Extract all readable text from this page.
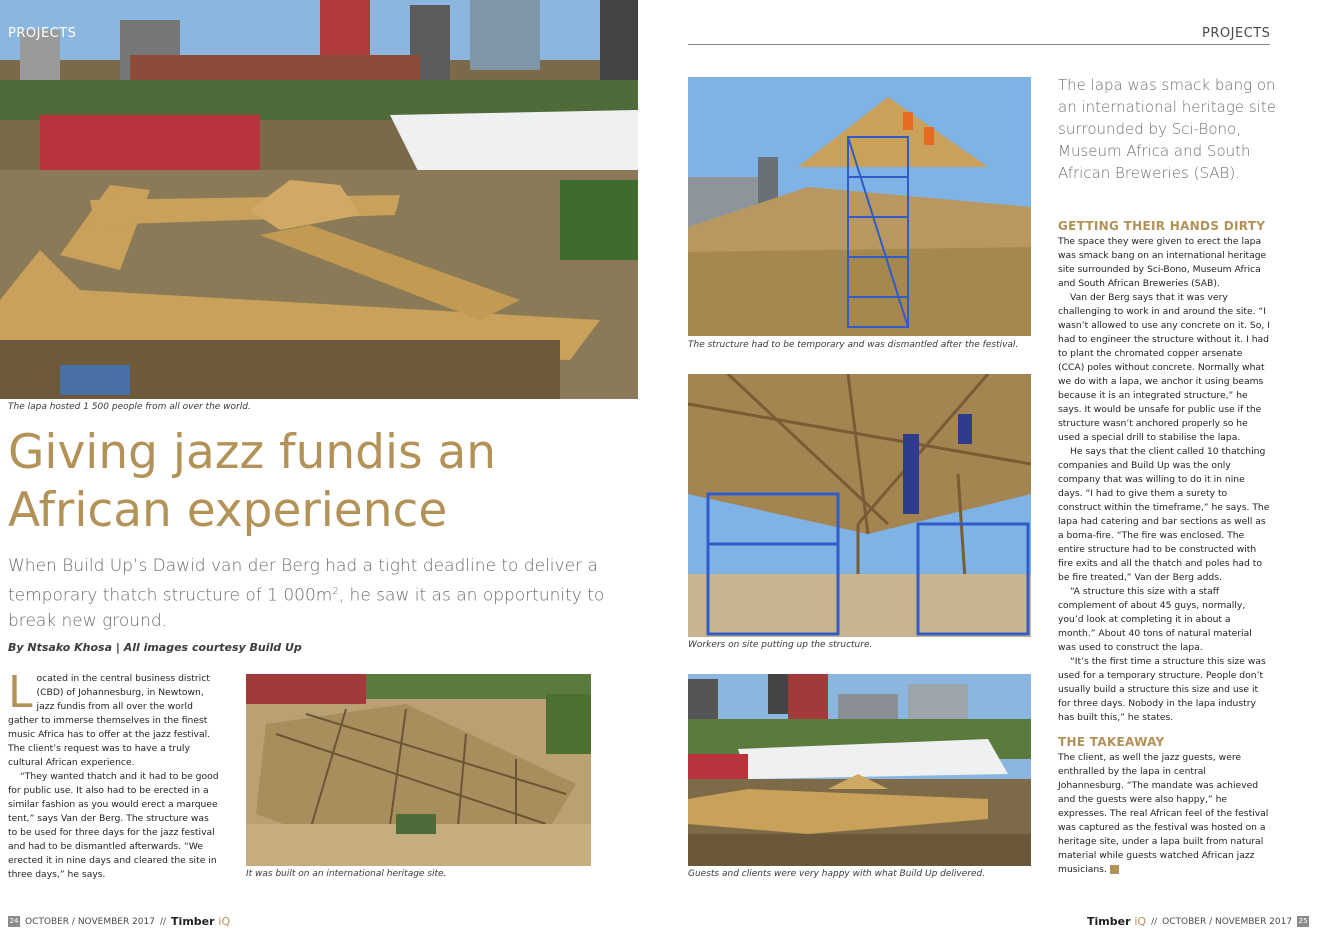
PROJECTS
The lapa hosted 1 500 people from all over the world.
Giving jazz fundis an
African experience
When Build Up’s Dawid van der Berg had a tight deadline to deliver a temporary thatch structure of 1 $000m^2$, he saw it as an opportunity to break new ground.
By Ntsako Khosa | All images courtesy Build Up
L ocated in the central business district (CBD) of Johannesburg, in Newtown, jazz fundis from all over the world gather to immerse themselves in the finest music Africa has to offer at the jazz festival. The client’s request was to have a truly cultural African experience.

“They wanted thatch and it had to be good for public use. It also had to be erected in a similar fashion as you would erect a marquee tent,” says Van der Berg. The structure was to be used for three days for the jazz festival and had to be dismantled afterwards. “We erected it in nine days and cleared the site in three days,” he says.	It was built on an international heritage site.
PROJECTS
The structure had to be temporary and was dismantled after the festival.
Workers on site putting up the structure.
Guests and clients were very happy with what Build Up delivered.
The lapa was smack bang on an international heritage site surrounded by Sci-Bono, Museum Africa and South African Breweries (SAB).
GETTING THEIR HANDS DIRTY

The space they were given to erect the lapa was smack bang on an international heritage site surrounded by Sci-Bono, Museum Africa and South African Breweries (SAB).

Van der Berg says that it was very challenging to work in and around the site. “I wasn’t allowed to use any concrete on it. So, I had to engineer the structure without it. I had to plant the chromated copper arsenate (CCA) poles without concrete. Normally what we do with a lapa, we anchor it using beams because it is an integrated structure,” he says. It would be unsafe for public use if the structure wasn’t anchored properly so he used a special drill to stabilise the lapa.

He says that the client called 10 thatching companies and Build Up was the only company that was willing to do it in nine days. “I had to give them a surety to construct within the timeframe,” he says. The lapa had catering and bar sections as well as a boma-fire. “The fire was enclosed. The entire structure had to be constructed with fire exits and all the thatch and poles had to be fire treated,” Van der Berg adds.

“A structure this size with a staff complement of about 45 guys, normally, you’d look at completing it in about a month.” About 40 tons of natural material was used to construct the lapa.

“It’s the first time a structure this size was used for a temporary structure. People don’t usually build a structure this size and use it for three days. Nobody in the lapa industry has built this,” he states.

THE TAKEAWAY

The client, as well the jazz guests, were enthralled by the lapa in central Johannesburg. “The mandate was achieved and the guests were also happy,” he expresses. The real African feel of the festival was captured as the festival was hosted on a heritage site, under a lapa built from natural material while guests watched African jazz musicians.

24 OCTOBER / NOVEMBER 2017 // Timber iQ	Timber iQ // OCTOBER / NOVEMBER 2017 25
